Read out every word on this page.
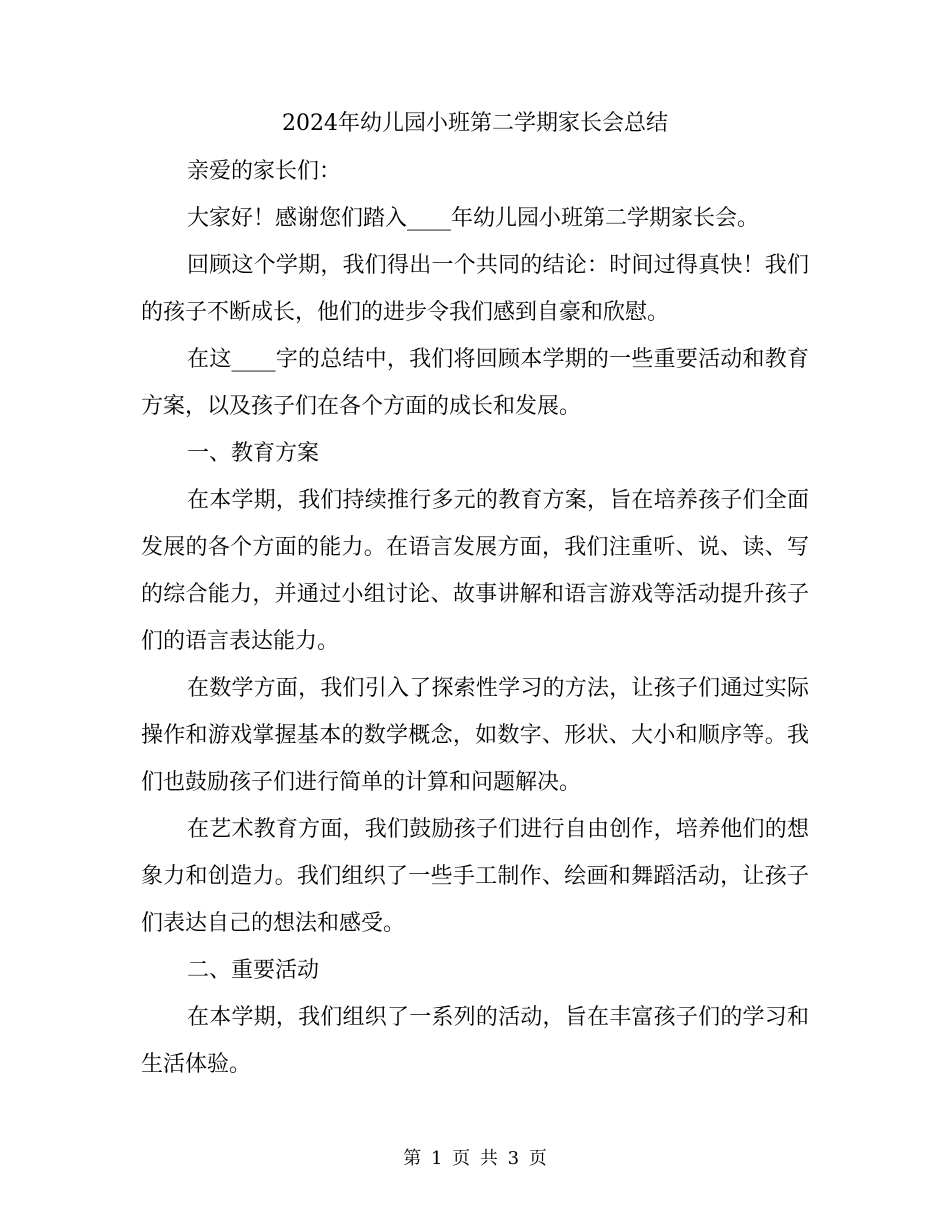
2024年幼儿园小班第二学期家长会总结

亲爱的家长们：

大家好！感谢您们踏入____年幼儿园小班第二学期家长会。

回顾这个学期，我们得出一个共同的结论：时间过得真快！我们的孩子不断成长，他们的进步令我们感到自豪和欣慰。

在这____字的总结中，我们将回顾本学期的一些重要活动和教育方案，以及孩子们在各个方面的成长和发展。

一、教育方案

在本学期，我们持续推行多元的教育方案，旨在培养孩子们全面发展的各个方面的能力。在语言发展方面，我们注重听、说、读、写的综合能力，并通过小组讨论、故事讲解和语言游戏等活动提升孩子们的语言表达能力。

在数学方面，我们引入了探索性学习的方法，让孩子们通过实际操作和游戏掌握基本的数学概念，如数字、形状、大小和顺序等。我们也鼓励孩子们进行简单的计算和问题解决。

在艺术教育方面，我们鼓励孩子们进行自由创作，培养他们的想象力和创造力。我们组织了一些手工制作、绘画和舞蹈活动，让孩子们表达自己的想法和感受。

二、重要活动

在本学期，我们组织了一系列的活动，旨在丰富孩子们的学习和生活体验。

第 1 页 共 3 页
